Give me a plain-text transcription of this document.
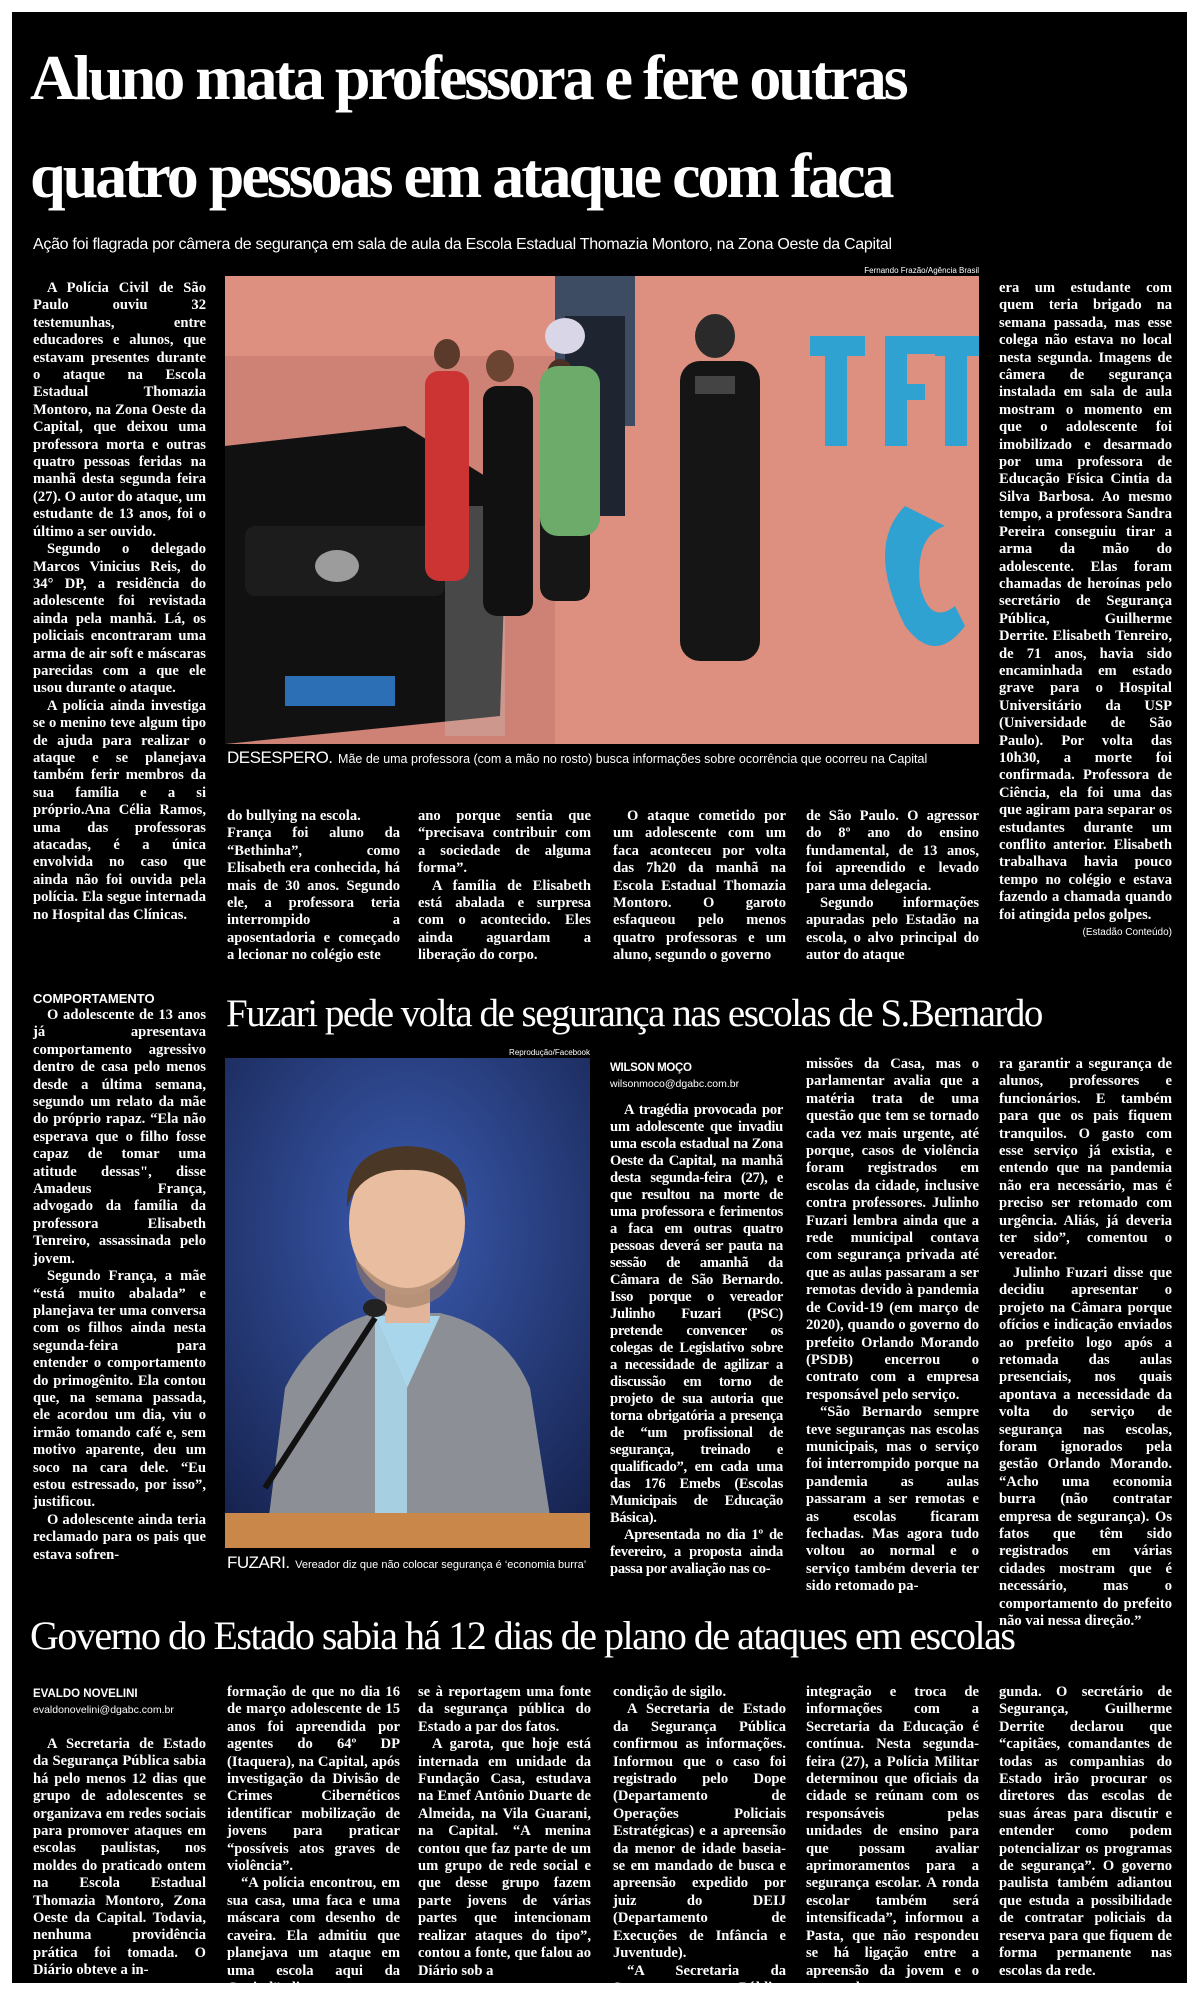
Aluno mata professora e fere outras
quatro pessoas em ataque com faca
Ação foi flagrada por câmera de segurança em sala de aula da Escola Estadual Thomazia Montoro, na Zona Oeste da Capital

A Polícia Civil de São Paulo ouviu 32 testemunhas, entre educadores e alunos, que estavam presentes durante o ataque na Escola Estadual Thomazia Montoro, na Zona Oeste da Capital, que deixou uma professora morta e outras quatro pessoas feridas na manhã desta segunda feira (27). O autor do ataque, um estudante de 13 anos, foi o último a ser ouvido.

Segundo o delegado Marcos Vinicius Reis, do 34° DP, a residência do adolescente foi revistada ainda pela manhã. Lá, os policiais encontraram uma arma de air soft e máscaras parecidas com a que ele usou durante o ataque.

A polícia ainda investiga se o menino teve algum tipo de ajuda para realizar o ataque e se planejava também ferir membros da sua família e a si próprio.Ana Célia Ramos, uma das professoras atacadas, é a única envolvida no caso que ainda não foi ouvida pela polícia. Ela segue internada no Hospital das Clínicas.

Fernando Frazão/Agência Brasil
DESESPERO. Mãe de uma professora (com a mão no rosto) busca informações sobre ocorrência que ocorreu na Capital

do bullying na escola.

França foi aluno da “Bethinha”, como Elisabeth era conhecida, há mais de 30 anos. Segundo ele, a professora teria interrompido a aposentadoria e começado a lecionar no colégio este

ano porque sentia que “precisava contribuir com a sociedade de alguma forma”.

A família de Elisabeth está abalada e surpresa com o acontecido. Eles ainda aguardam a liberação do corpo.

O ataque cometido por um adolescente com um faca aconteceu por volta das 7h20 da manhã na Escola Estadual Thomazia Montoro. O garoto esfaqueou pelo menos quatro professoras e um aluno, segundo o governo

de São Paulo. O agressor do 8º ano do ensino fundamental, de 13 anos, foi apreendido e levado para uma delegacia.

Segundo informações apuradas pelo Estadão na escola, o alvo principal do autor do ataque

era um estudante com quem teria brigado na semana passada, mas esse colega não estava no local nesta segunda. Imagens de câmera de segurança instalada em sala de aula mostram o momento em que o adolescente foi imobilizado e desarmado por uma professora de Educação Física Cintia da Silva Barbosa. Ao mesmo tempo, a professora Sandra Pereira conseguiu tirar a arma da mão do adolescente. Elas foram chamadas de heroínas pelo secretário de Segurança Pública, Guilherme Derrite. Elisabeth Tenreiro, de 71 anos, havia sido encaminhada em estado grave para o Hospital Universitário da USP (Universidade de São Paulo). Por volta das 10h30, a morte foi confirmada. Professora de Ciência, ela foi uma das que agiram para separar os estudantes durante um conflito anterior. Elisabeth trabalhava havia pouco tempo no colégio e estava fazendo a chamada quando foi atingida pelos golpes.

(Estadão Conteúdo)
COMPORTAMENTO

O adolescente de 13 anos já apresentava comportamento agressivo dentro de casa pelo menos desde a última semana, segundo um relato da mãe do próprio rapaz. “Ela não esperava que o filho fosse capaz de tomar uma atitude dessas", disse Amadeus França, advogado da família da professora Elisabeth Tenreiro, assassinada pelo jovem.

Segundo França, a mãe “está muito abalada” e planejava ter uma conversa com os filhos ainda nesta segunda-feira para entender o comportamento do primogênito. Ela contou que, na semana passada, ele acordou um dia, viu o irmão tomando café e, sem motivo aparente, deu um soco na cara dele. “Eu estou estressado, por isso”, justificou.

O adolescente ainda teria reclamado para os pais que estava sofren-

Fuzari pede volta de segurança nas escolas de S.Bernardo
Reprodução/Facebook
FUZARI. Vereador diz que não colocar segurança é ‘economia burra’
WILSON MOÇO
wilsonmoco@dgabc.com.br

A tragédia provocada por um adolescente que invadiu uma escola estadual na Zona Oeste da Capital, na manhã desta segunda-feira (27), e que resultou na morte de uma professora e ferimentos a faca em outras quatro pessoas deverá ser pauta na sessão de amanhã da Câmara de São Bernardo. Isso porque o vereador Julinho Fuzari (PSC) pretende convencer os colegas de Legislativo sobre a necessidade de agilizar a discussão em torno de projeto de sua autoria que torna obrigatória a presença de “um profissional de segurança, treinado e qualificado”, em cada uma das 176 Emebs (Escolas Municipais de Educação Básica).

Apresentada no dia 1º de fevereiro, a proposta ainda passa por avaliação nas co-

missões da Casa, mas o parlamentar avalia que a matéria trata de uma questão que tem se tornado cada vez mais urgente, até porque, casos de violência foram registrados em escolas da cidade, inclusive contra professores. Julinho Fuzari lembra ainda que a rede municipal contava com segurança privada até que as aulas passaram a ser remotas devido à pandemia de Covid-19 (em março de 2020), quando o governo do prefeito Orlando Morando (PSDB) encerrou o contrato com a empresa responsável pelo serviço.

“São Bernardo sempre teve seguranças nas escolas municipais, mas o serviço foi interrompido porque na pandemia as aulas passaram a ser remotas e as escolas ficaram fechadas. Mas agora tudo voltou ao normal e o serviço também deveria ter sido retomado pa-

ra garantir a segurança de alunos, professores e funcionários. E também para que os pais fiquem tranquilos. O gasto com esse serviço já existia, e entendo que na pandemia não era necessário, mas é preciso ser retomado com urgência. Aliás, já deveria ter sido”, comentou o vereador.

Julinho Fuzari disse que decidiu apresentar o projeto na Câmara porque ofícios e indicação enviados ao prefeito logo após a retomada das aulas presenciais, nos quais apontava a necessidade da volta do serviço de segurança nas escolas, foram ignorados pela gestão Orlando Morando. “Acho uma economia burra (não contratar empresa de segurança). Os fatos que têm sido registrados em várias cidades mostram que é necessário, mas o comportamento do prefeito não vai nessa direção.”

Governo do Estado sabia há 12 dias de plano de ataques em escolas
EVALDO NOVELINI
evaldonovelini@dgabc.com.br

A Secretaria de Estado da Segurança Pública sabia há pelo menos 12 dias que grupo de adolescentes se organizava em redes sociais para promover ataques em escolas paulistas, nos moldes do praticado ontem na Escola Estadual Thomazia Montoro, Zona Oeste da Capital. Todavia, nenhuma providência prática foi tomada. O Diário obteve a in-

formação de que no dia 16 de março adolescente de 15 anos foi apreendida por agentes do 64º DP (Itaquera), na Capital, após investigação da Divisão de Crimes Cibernéticos identificar mobilização de jovens para praticar “possíveis atos graves de violência”.

“A polícia encontrou, em sua casa, uma faca e uma máscara com desenho de caveira. Ela admitiu que planejava um ataque em uma escola aqui da Capital”, dis-

se à reportagem uma fonte da segurança pública do Estado a par dos fatos.

A garota, que hoje está internada em unidade da Fundação Casa, estudava na Emef Antônio Duarte de Almeida, na Vila Guarani, na Capital. “A menina contou que faz parte de um um grupo de rede social e que desse grupo fazem parte jovens de várias partes que intencionam realizar ataques do tipo”, contou a fonte, que falou ao Diário sob a

condição de sigilo.

A Secretaria de Estado da Segurança Pública confirmou as informações. Informou que o caso foi registrado pelo Dope (Departamento de Operações Policiais Estratégicas) e a apreensão da menor de idade baseia-se em mandado de busca e apreensão expedido por juiz do DEIJ (Departamento de Execuções de Infância e Juventude).

“A Secretaria da Segurança Pública esclarece que a

integração e troca de informações com a Secretaria da Educação é contínua. Nesta segunda-feira (27), a Polícia Militar determinou que oficiais da cidade se reúnam com os responsáveis pelas unidades de ensino para que possam avaliar aprimoramentos para a segurança escolar. A ronda escolar também será intensificada”, informou a Pasta, que não respondeu se há ligação entre a apreensão da jovem e o ataque desta se-

gunda. O secretário de Segurança, Guilherme Derrite declarou que “capitães, comandantes de todas as companhias do Estado irão procurar os diretores das escolas de suas áreas para discutir e entender como podem potencializar os programas de segurança”. O governo paulista também adiantou que estuda a possibilidade de contratar policiais da reserva para que fiquem de forma permanente nas escolas da rede.
